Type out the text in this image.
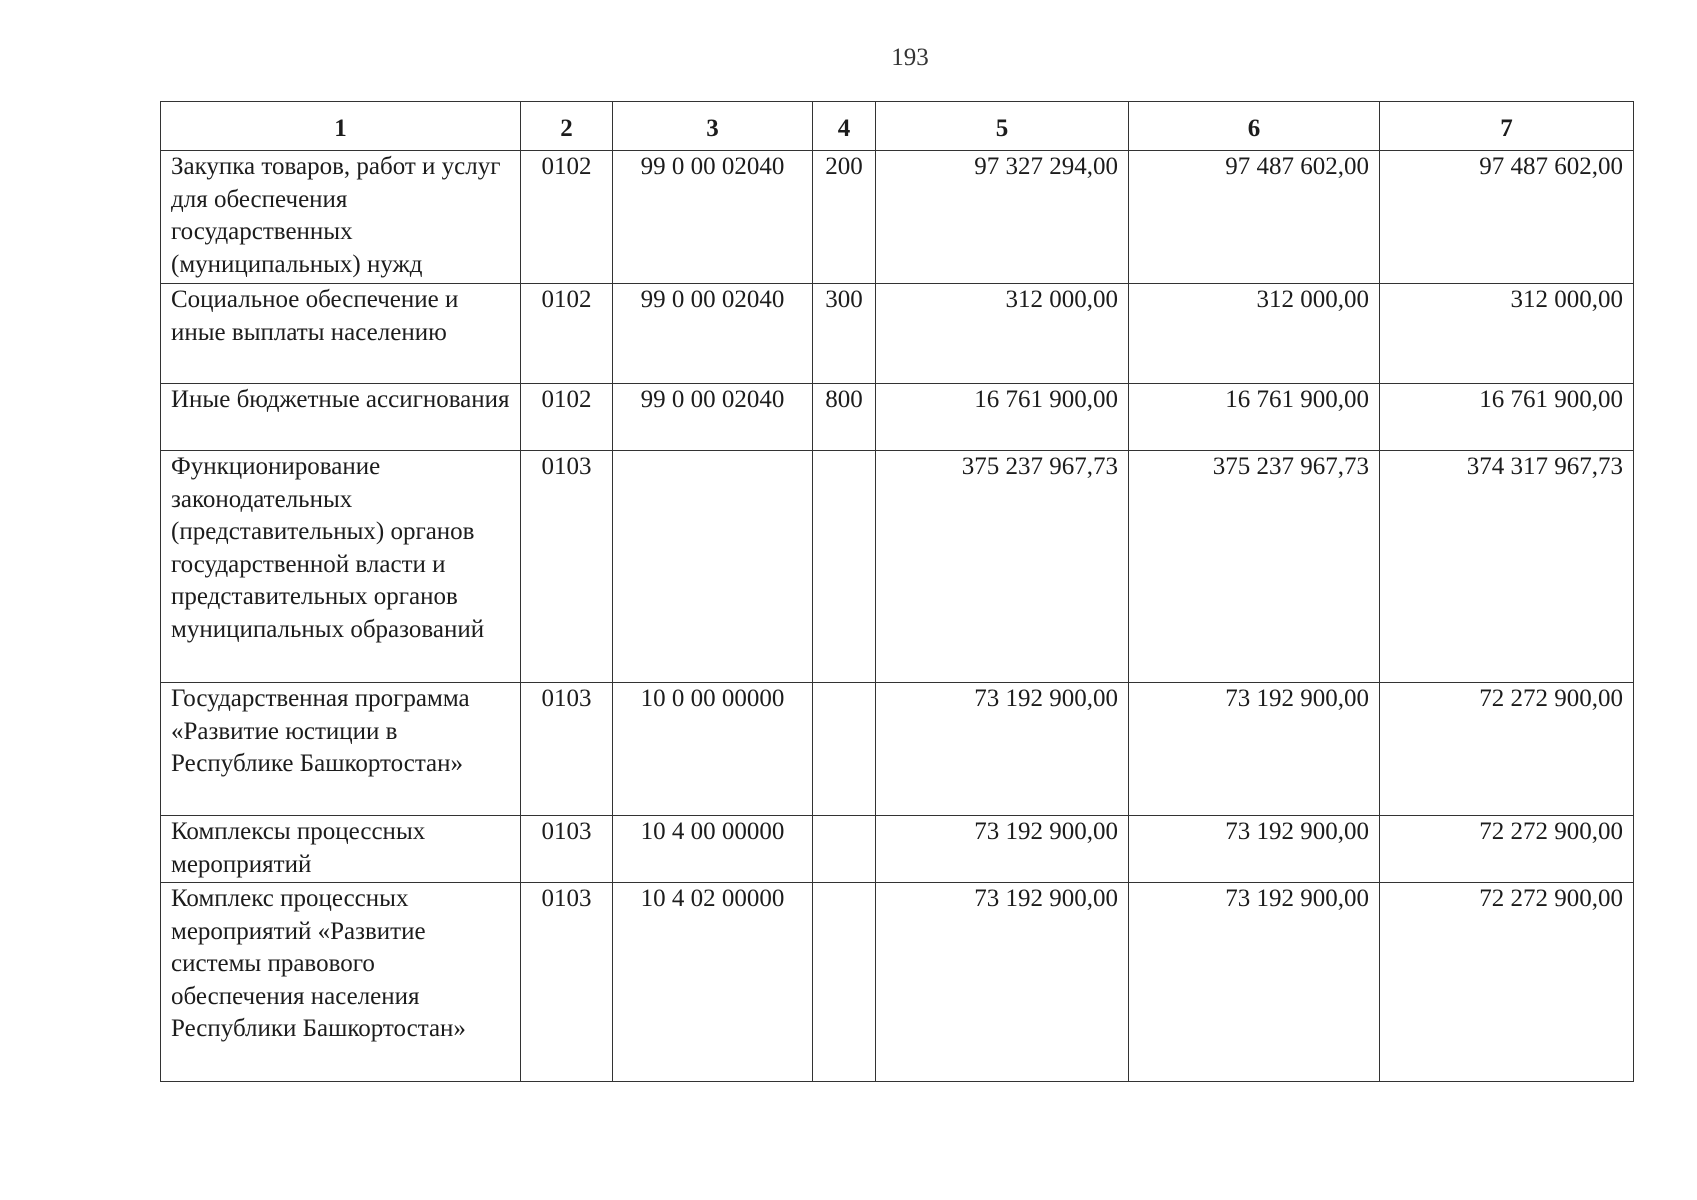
193
1	2	3	4	5	6	7
Закупка товаров, работ и услуг для обеспечения государственных (муниципальных) нужд	0102	99 0 00 02040	200	97 327 294,00	97 487 602,00	97 487 602,00
Социальное обеспечение и иные выплаты населению	0102	99 0 00 02040	300	312 000,00	312 000,00	312 000,00
Иные бюджетные ассигнования	0102	99 0 00 02040	800	16 761 900,00	16 761 900,00	16 761 900,00
Функционирование законодательных (представительных) органов государственной власти и представительных органов муниципальных образований	0103			375 237 967,73	375 237 967,73	374 317 967,73
Государственная программа «Развитие юстиции в Республике Башкортостан»	0103	10 0 00 00000		73 192 900,00	73 192 900,00	72 272 900,00
Комплексы процессных мероприятий	0103	10 4 00 00000		73 192 900,00	73 192 900,00	72 272 900,00
Комплекс процессных мероприятий «Развитие системы правового обеспечения населения Республики Башкортостан»	0103	10 4 02 00000		73 192 900,00	73 192 900,00	72 272 900,00
